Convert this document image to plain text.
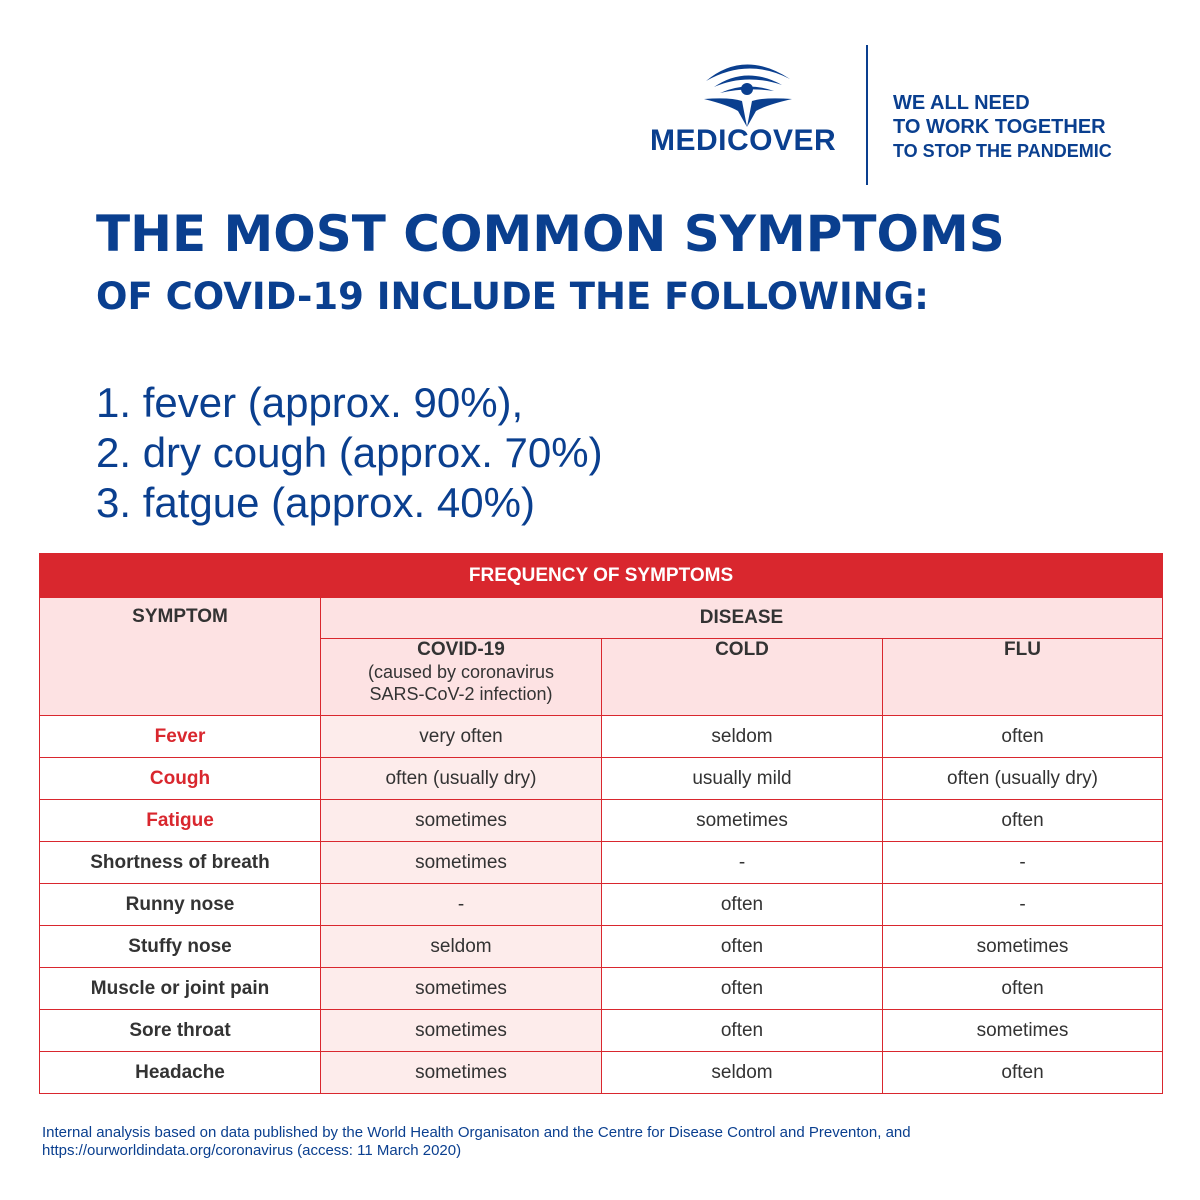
MEDICOVER
WE ALL NEED
TO WORK TOGETHER
TO STOP THE PANDEMIC
THE MOST COMMON SYMPTOMS
OF COVID-19 INCLUDE THE FOLLOWING:
1. fever (approx. 90%),
2. dry cough (approx. 70%)
3. fatgue (approx. 40%)
FREQUENCY OF SYMPTOMS			
SYMPTOM	DISEASE		
	COVID-19
(caused by coronavirus
SARS-CoV-2 infection)	COLD	FLU
Fever	very often	seldom	often
Cough	often (usually dry)	usually mild	often (usually dry)
Fatigue	sometimes	sometimes	often
Shortness of breath	sometimes	-	-
Runny nose	-	often	-
Stuffy nose	seldom	often	sometimes
Muscle or joint pain	sometimes	often	often
Sore throat	sometimes	often	sometimes
Headache	sometimes	seldom	often
Internal analysis based on data published by the World Health Organisaton and the Centre for Disease Control and Preventon, and
https://ourworldindata.org/coronavirus (access: 11 March 2020)
